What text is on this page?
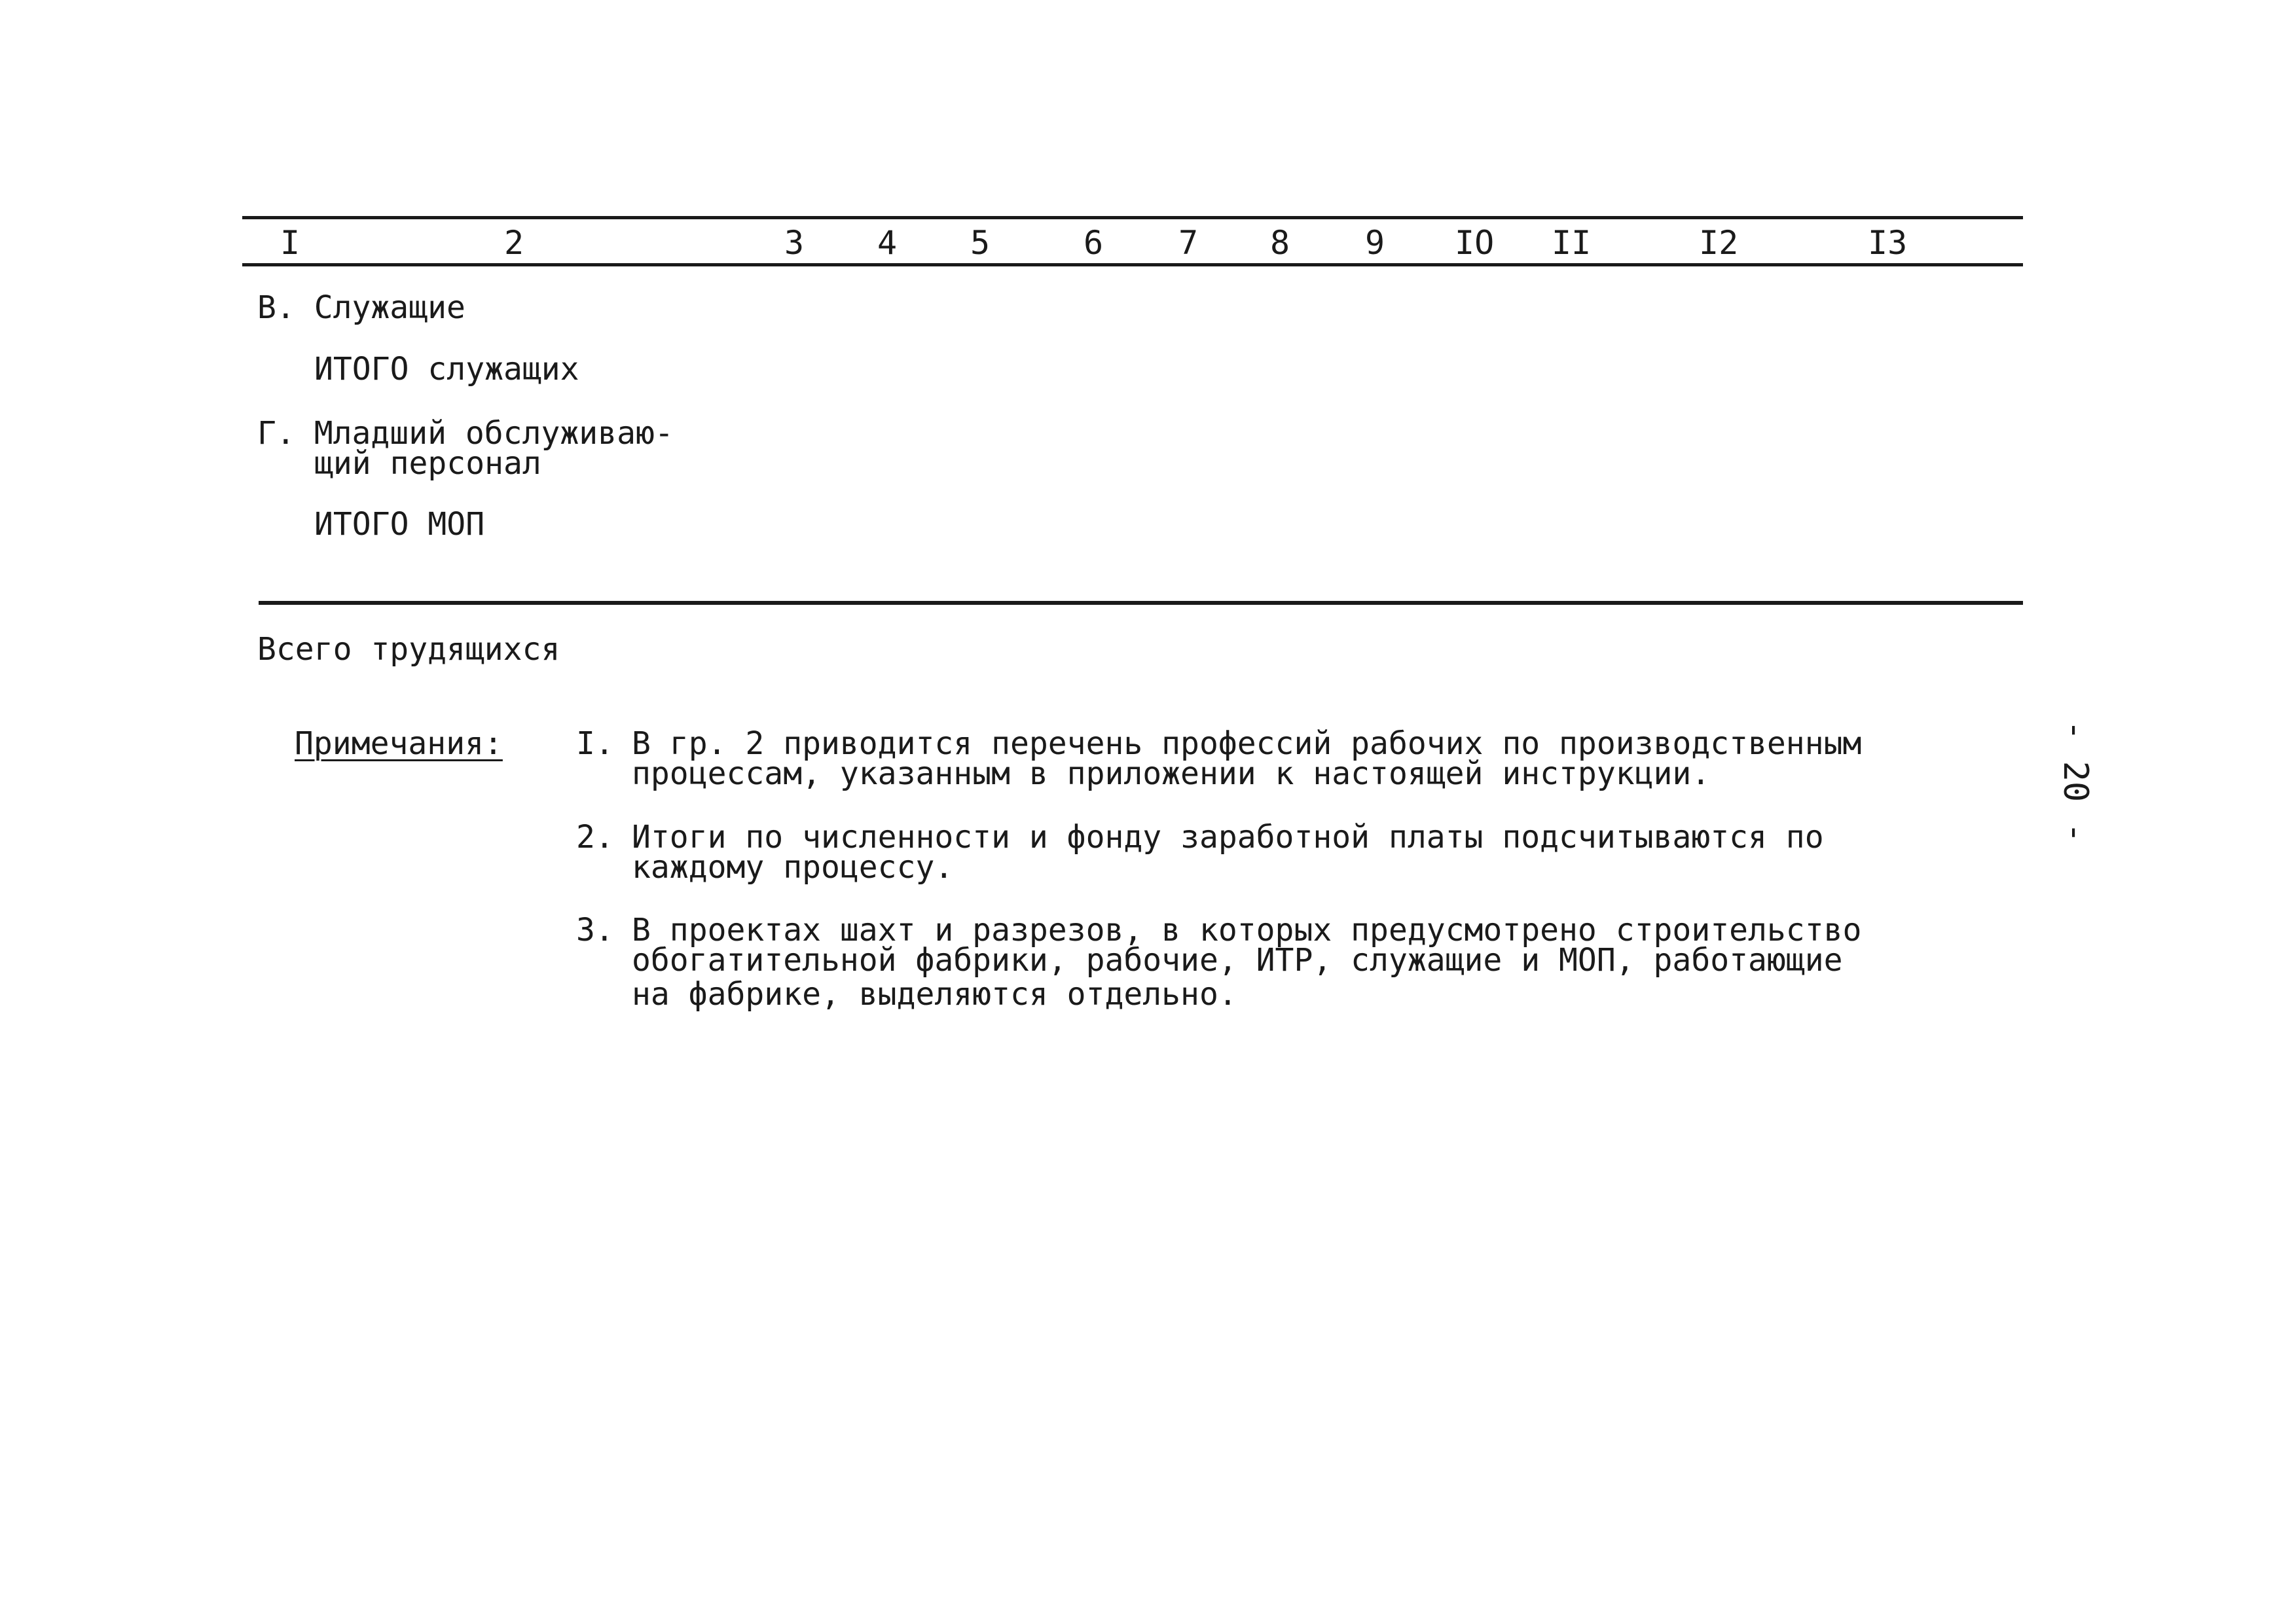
I	2	3 4 5	6 7 8 9 IO II	I2	I3
В. Служащие
ИТОГО служащих
Г. Младший обслуживаю-
щий персонал
ИТОГО МОП
Всего трудящихся
Примечания: I. В гр. 2 приводится перечень профессий рабочих по производственным
процессам, указанным в приложении к настоящей инструкции.
2. Итоги по численности и фонду заработной платы подсчитываются по
каждому процессу.
3. В проектах шахт и разрезов, в которых предусмотрено строительство
обогатительной фабрики, рабочие, ИТР, служащие и МОП, работающие
на фабрике, выделяются отдельно.
- 20 -
